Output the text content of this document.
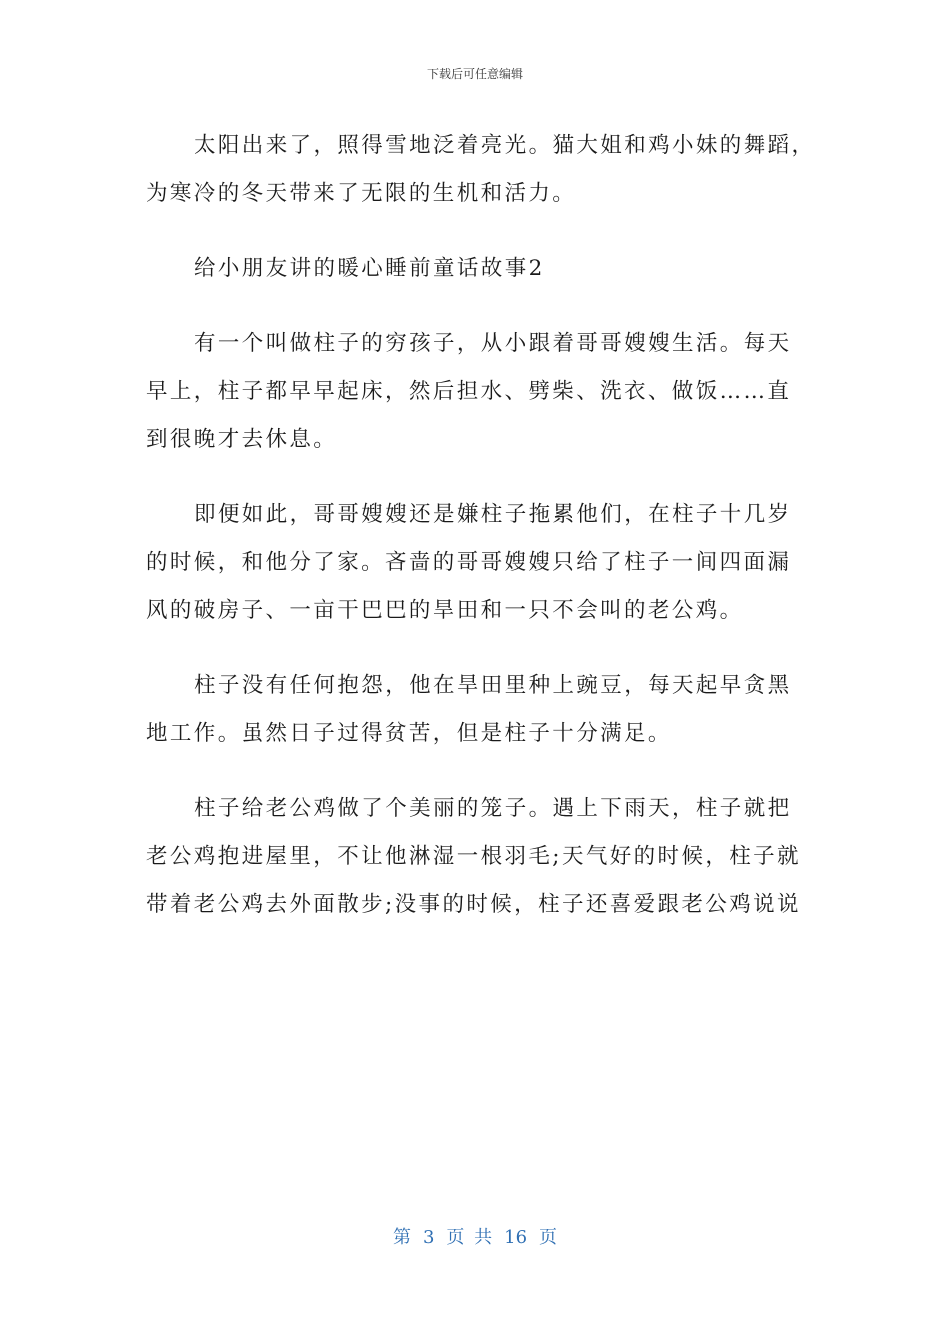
下载后可任意编辑
太阳出来了，照得雪地泛着亮光。猫大姐和鸡小妹的舞蹈，
为寒冷的冬天带来了无限的生机和活力。
给小朋友讲的暖心睡前童话故事2
有一个叫做柱子的穷孩子，从小跟着哥哥嫂嫂生活。每天
早上，柱子都早早起床，然后担水、劈柴、洗衣、做饭……直
到很晚才去休息。
即便如此，哥哥嫂嫂还是嫌柱子拖累他们，在柱子十几岁
的时候，和他分了家。吝啬的哥哥嫂嫂只给了柱子一间四面漏
风的破房子、一亩干巴巴的旱田和一只不会叫的老公鸡。
柱子没有任何抱怨，他在旱田里种上豌豆，每天起早贪黑
地工作。虽然日子过得贫苦，但是柱子十分满足。
柱子给老公鸡做了个美丽的笼子。遇上下雨天，柱子就把
老公鸡抱进屋里，不让他淋湿一根羽毛;天气好的时候，柱子就
带着老公鸡去外面散步;没事的时候，柱子还喜爱跟老公鸡说说
第 3 页 共 16 页
